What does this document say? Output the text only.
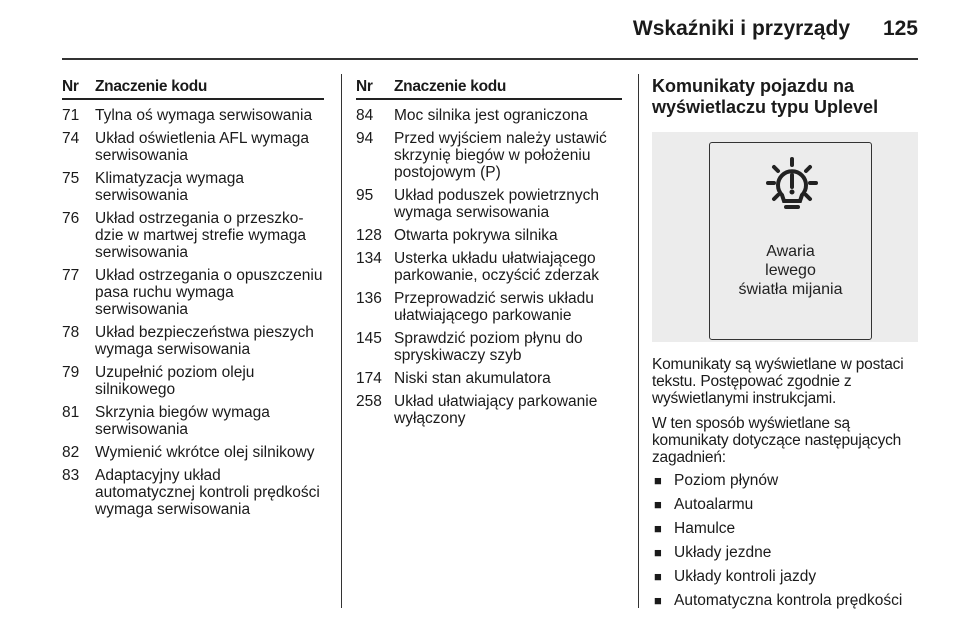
Wskaźniki i przyrządy 125
Nr	Znaczenie kodu
71	Tylna oś wymaga serwisowania
74	Układ oświetlenia AFL wymaga serwisowania
75	Klimatyzacja wymaga serwisowania
76	Układ ostrzegania o przeszkodzie w martwej strefie wymaga serwisowania
77	Układ ostrzegania o opuszczeniu pasa ruchu wymaga serwisowania
78	Układ bezpieczeństwa pieszych wymaga serwisowania
79	Uzupełnić poziom oleju silnikowego
81	Skrzynia biegów wymaga serwisowania
82	Wymienić wkrótce olej silnikowy
83	Adaptacyjny układ automatycznej kontroli prędkości wymaga serwisowania
Nr	Znaczenie kodu
84	Moc silnika jest ograniczona
94	Przed wyjściem należy ustawić skrzynię biegów w położeniu postojowym (P)
95	Układ poduszek powietrznych wymaga serwisowania
128	Otwarta pokrywa silnika
134	Usterka układu ułatwiającego parkowanie, oczyścić zderzak
136	Przeprowadzić serwis układu ułatwiającego parkowanie
145	Sprawdzić poziom płynu do spryskiwaczy szyb
174	Niski stan akumulatora
258	Układ ułatwiający parkowanie wyłączony
Komunikaty pojazdu na wyświetlaczu typu Uplevel
Awaria
lewego
światła mijania
Komunikaty są wyświetlane w postaci tekstu. Postępować zgodnie z wyświetlanymi instrukcjami.
W ten sposób wyświetlane są komunikaty dotyczące następujących zagadnień:
■ Poziom płynów
■ Autoalarmu
■ Hamulce
■ Układy jezdne
■ Układy kontroli jazdy
■ Automatyczna kontrola prędkości
